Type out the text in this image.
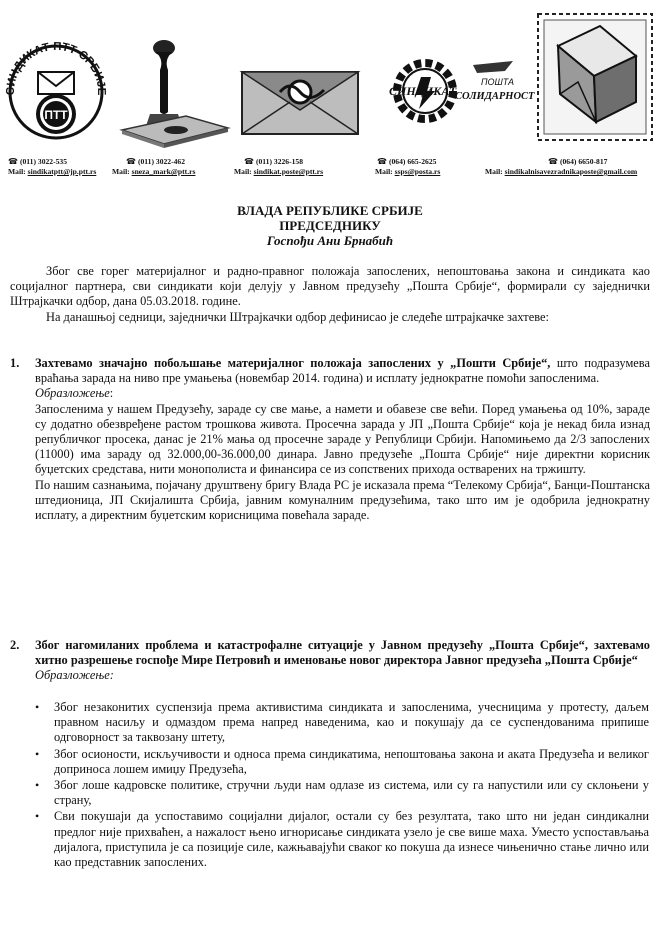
СИНДИКАТ ПТТ СРБИЈЕ
ПТТ
СИНДИКАТ
ПОШТА
СОЛИДАРНОСТ
☎ (011) 3022-535
Mail: sindikatptt@jp.ptt.rs
☎ (011) 3022-462
Mail: sneza_mark@ptt.rs
☎ (011) 3226-158
Mail: sindikat.poste@ptt.rs
☎ (064) 665-2625
Mail: ssps@posta.rs
☎ (064) 6650-817
Mail: sindikalnisavezradnikaposte@gmail.com
ВЛАДА РЕПУБЛИКЕ СРБИЈЕ
ПРЕДСЕДНИКУ
Госпођи Ани Брнабић
Због све горег материјалног и радно-правног положаја запослених, непоштовања закона и синдиката као социјалног партнера, сви синдикати који делују у Јавном предузећу „Пошта Србије“, формирали су заједнички Штрајкачки одбор, дана 05.03.2018. године.
На данашњој седници, заједнички Штрајкачки одбор дефинисао је следеће штрајкачке захтеве:
1. Захтевамо значајно побољшање материјалног положаја запослених у „Пошти Србије“, што подразумева враћања зарада на ниво пре умањења (новембар 2014. година) и исплату једнократне помоћи запосленима.
Образложење:
Запосленима у нашем Предузећу, зараде су све мање, а намети и обавезе све већи. Поред умањења од 10%, зараде су додатно обезвређене растом трошкова живота. Просечна зарада у ЈП „Пошта Србије“ која је некад била изнад републичког просека, данас је 21% мања од просечне зараде у Републици Србији. Напомињемо да 2/3 запослених (11000) има зараду од 32.000,00-36.000,00 динара. Јавно предузеће „Пошта Србије“ није директни корисник буџетских средстава, нити монополиста и финансира се из сопствених прихода остварених на тржишту.
По нашим сазнањима, појачану друштвену бригу Влада РС је исказала према “Телекому Србија“, Банци-Поштанска штедионица, ЈП Скијалишта Србија, јавним комуналним предузећима, тако што им је одобрила једнократну исплату, а директним буџетским корисницима повећала зараде.
2. Због нагомиланих проблема и катастрофалне ситуације у Јавном предузећу „Пошта Србије“, захтевамо хитно разрешење госпође Мире Петровић и именовање новог директора Јавног предузећа „Пошта Србије“
Образложење:
• Због незаконитих суспензија према активистима синдиката и запосленима, учесницима у протесту, даљем правном насиљу и одмаздом према напред наведенима, као и покушају да се суспендованима припише одговорност за таквозану штету,
• Због осионости, искључивости и односа према синдикатима, непоштовања закона и аката Предузећа и великог доприноса лошем имиџу Предузећа,
• Због лоше кадровске политике, стручни људи нам одлазе из система, или су га напустили или су склоњени у страну,
• Сви покушаји да успоставимо социјални дијалог, остали су без резултата, тако што ни један синдикални предлог није прихваћен, а нажалост њено игнорисање синдиката узело је све више маха. Уместо успостављања дијалога, приступила је са позиције силе, кажњавајући сваког ко покуша да изнесе чињенично стање лично или као представник запослених.
